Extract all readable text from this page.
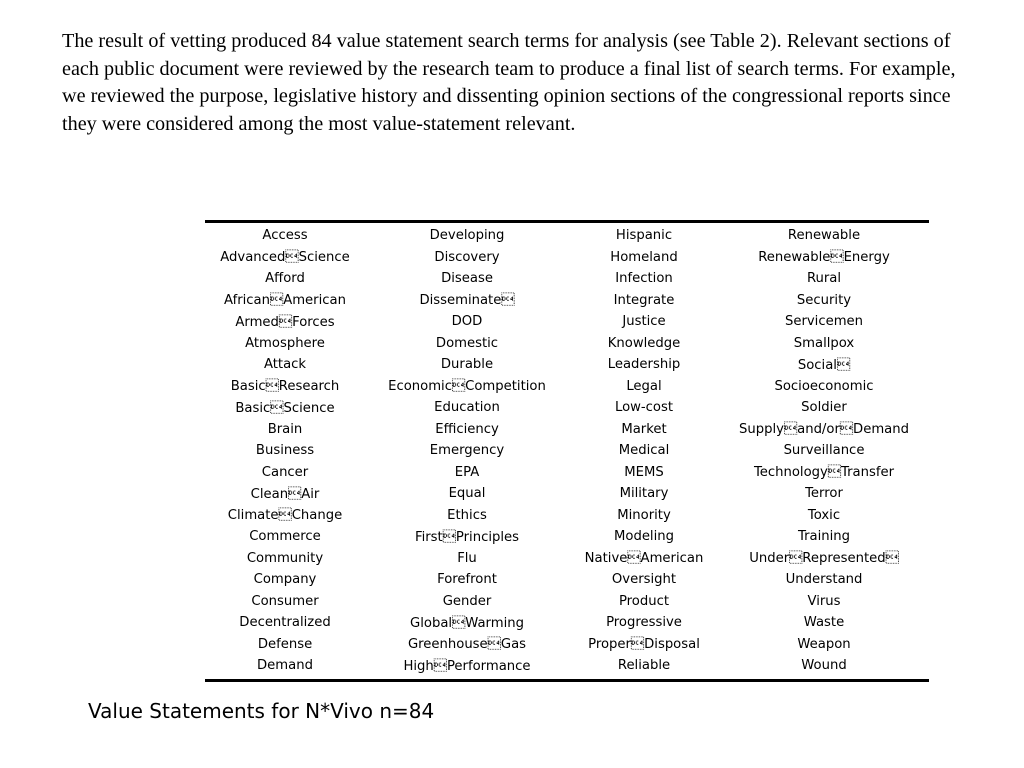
The result of vetting produced 84 value statement search terms for analysis (see Table 2). Relevant sections of each public document were reviewed by the research team to produce a final list of search terms. For example, we reviewed the purpose, legislative history and dissenting opinion sections of the congressional reports since they were considered among the most value-statement relevant.

Access	Developing	Hispanic	Renewable
AdvancedScience	Discovery	Homeland	RenewableEnergy
Afford	Disease	Infection	Rural
AfricanAmerican	Disseminate	Integrate	Security
ArmedForces	DOD	Justice	Servicemen
Atmosphere	Domestic	Knowledge	Smallpox
Attack	Durable	Leadership	Social
BasicResearch	EconomicCompetition	Legal	Socioeconomic
BasicScience	Education	Low-cost	Soldier
Brain	Efficiency	Market	Supplyand/orDemand
Business	Emergency	Medical	Surveillance
Cancer	EPA	MEMS	TechnologyTransfer
CleanAir	Equal	Military	Terror
ClimateChange	Ethics	Minority	Toxic
Commerce	FirstPrinciples	Modeling	Training
Community	Flu	NativeAmerican	UnderRepresented
Company	Forefront	Oversight	Understand
Consumer	Gender	Product	Virus
Decentralized	GlobalWarming	Progressive	Waste
Defense	GreenhouseGas	ProperDisposal	Weapon
Demand	HighPerformance	Reliable	Wound

Value Statements for N*Vivo n=84
